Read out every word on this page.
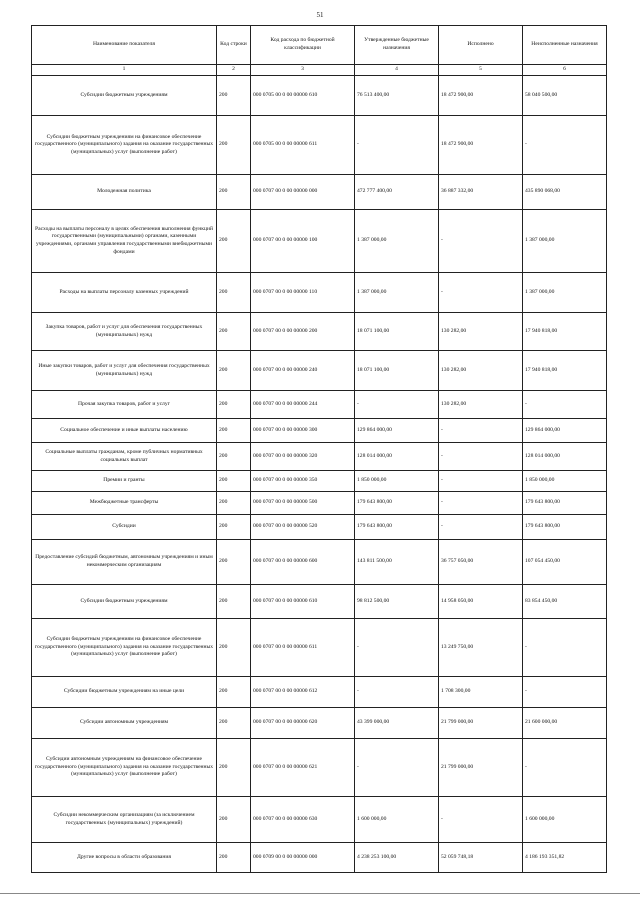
51
Наименование показателя	Код строки	Код расхода по бюджетной классификации	Утвержденные бюджетные назначения	Исполнено	Неисполненные назначения
1	2	3	4	5	6
Субсидии бюджетным учреждениям	200	000 0705 00 0 00 00000 610	76 513 400,00	18 472 900,00	58 040 500,00
Субсидии бюджетным учреждениям на финансовое обеспечение государственного (муниципального) задания на оказание государственных (муниципальных) услуг (выполнение работ)	200	000 0705 00 0 00 00000 611	-	18 472 900,00	-
Молодежная политика	200	000 0707 00 0 00 00000 000	472 777 400,00	36 887 332,00	435 890 068,00
Расходы на выплаты персоналу в целях обеспечения выполнения функций государственными (муниципальными) органами, казенными учреждениями, органами управления государственными внебюджетными фондами	200	000 0707 00 0 00 00000 100	1 387 000,00	-	1 387 000,00
Расходы на выплаты персоналу казенных учреждений	200	000 0707 00 0 00 00000 110	1 387 000,00	-	1 387 000,00
Закупка товаров, работ и услуг для обеспечения государственных (муниципальных) нужд	200	000 0707 00 0 00 00000 200	18 071 100,00	130 282,00	17 940 818,00
Иные закупки товаров, работ и услуг для обеспечения государственных (муниципальных) нужд	200	000 0707 00 0 00 00000 240	18 071 100,00	130 282,00	17 940 818,00
Прочая закупка товаров, работ и услуг	200	000 0707 00 0 00 00000 244	-	130 282,00	-
Социальное обеспечение и иные выплаты населению	200	000 0707 00 0 00 00000 300	129 864 000,00	-	129 864 000,00
Социальные выплаты гражданам, кроме публичных нормативных социальных выплат	200	000 0707 00 0 00 00000 320	128 014 000,00	-	128 014 000,00
Премии и гранты	200	000 0707 00 0 00 00000 350	1 850 000,00	-	1 850 000,00
Межбюджетные трансферты	200	000 0707 00 0 00 00000 500	179 643 800,00	-	179 643 800,00
Субсидии	200	000 0707 00 0 00 00000 520	179 643 800,00	-	179 643 800,00
Предоставление субсидий бюджетным, автономным учреждениям и иным некоммерческим организациям	200	000 0707 00 0 00 00000 600	143 811 500,00	36 757 050,00	107 054 450,00
Субсидии бюджетным учреждениям	200	000 0707 00 0 00 00000 610	98 812 500,00	14 958 050,00	83 854 450,00
Субсидии бюджетным учреждениям на финансовое обеспечение государственного (муниципального) задания на оказание государственных (муниципальных) услуг (выполнение работ)	200	000 0707 00 0 00 00000 611	-	13 249 750,00	-
Субсидии бюджетным учреждениям на иные цели	200	000 0707 00 0 00 00000 612	-	1 708 300,00	-
Субсидии автономным учреждениям	200	000 0707 00 0 00 00000 620	43 399 000,00	21 799 000,00	21 600 000,00
Субсидии автономным учреждениям на финансовое обеспечение государственного (муниципального) задания на оказание государственных (муниципальных) услуг (выполнение работ)	200	000 0707 00 0 00 00000 621	-	21 799 000,00	-
Субсидии некоммерческим организациям (за исключением государственных (муниципальных) учреждений)	200	000 0707 00 0 00 00000 630	1 600 000,00	-	1 600 000,00
Другие вопросы в области образования	200	000 0709 00 0 00 00000 000	4 238 253 100,00	52 059 748,18	4 186 193 351,82
